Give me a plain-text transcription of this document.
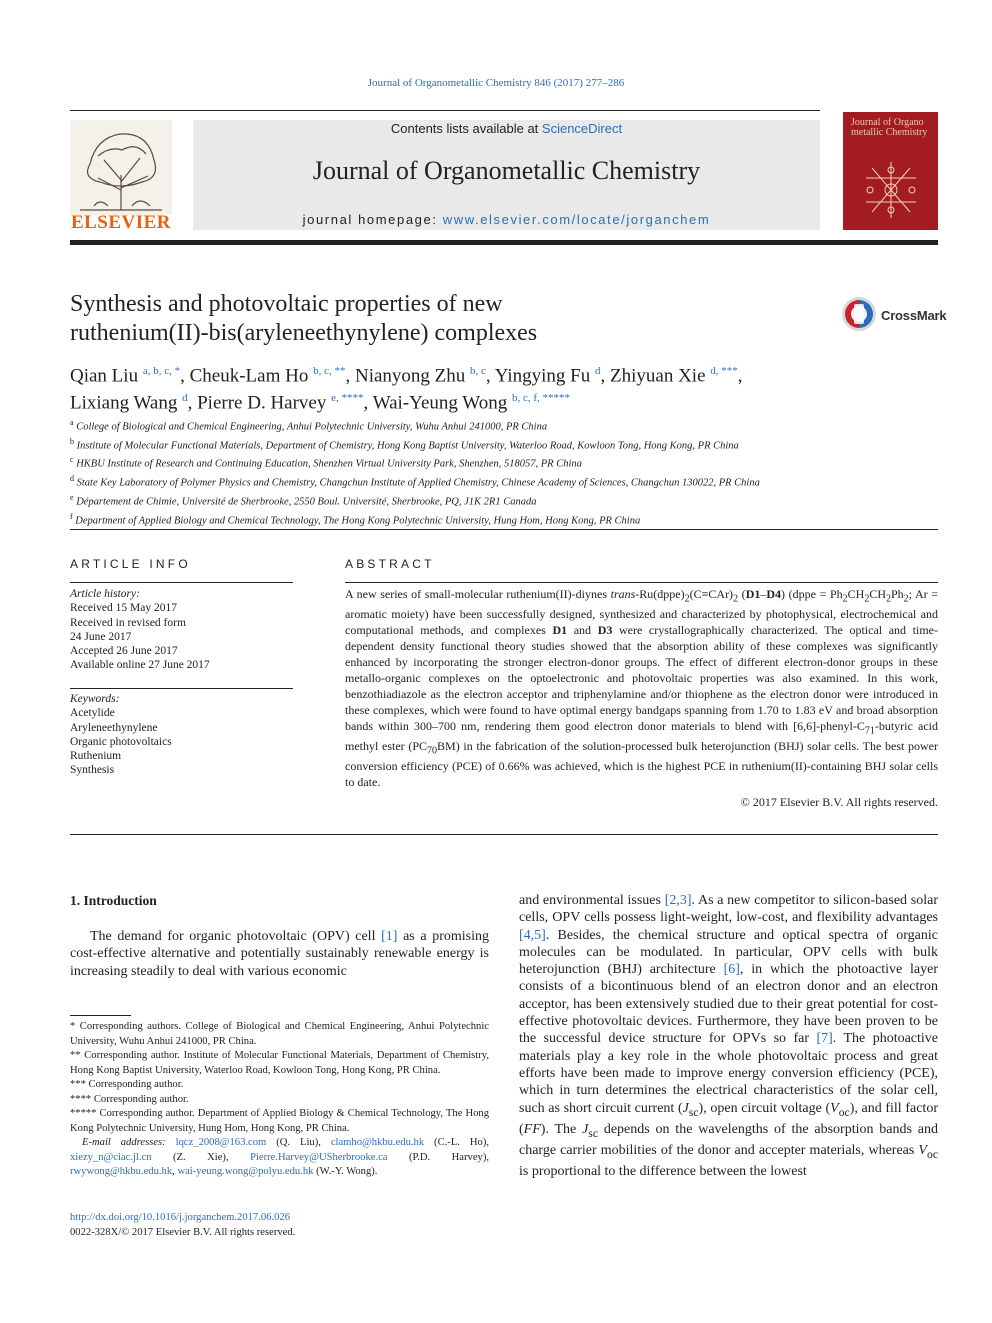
Journal of Organometallic Chemistry 846 (2017) 277–286
ELSEVIER
Contents lists available at ScienceDirect
Journal of Organometallic Chemistry
journal homepage: www.elsevier.com/locate/jorganchem
Journal of Organo metallic Chemistry
Synthesis and photovoltaic properties of new
ruthenium(II)-bis(aryleneethynylene) complexes
CrossMark
Qian Liu $^{a, b, c, *}$, Cheuk-Lam Ho $^{b, c, **}$, Nianyong Zhu $^{b, c}$, Yingying Fu $^d$, Zhiyuan Xie $^{d, ***}$,
Lixiang Wang $^d$, Pierre D. Harvey $^{e, ****}$, Wai-Yeung Wong $^{b, c, f, *****}$
$^a$ College of Biological and Chemical Engineering, Anhui Polytechnic University, Wuhu Anhui 241000, PR China
$^b$ Institute of Molecular Functional Materials, Department of Chemistry, Hong Kong Baptist University, Waterloo Road, Kowloon Tong, Hong Kong, PR China
$^c$ HKBU Institute of Research and Continuing Education, Shenzhen Virtual University Park, Shenzhen, 518057, PR China
$^d$ State Key Laboratory of Polymer Physics and Chemistry, Changchun Institute of Applied Chemistry, Chinese Academy of Sciences, Changchun 130022, PR China
$^e$ Département de Chimie, Université de Sherbrooke, 2550 Boul. Université, Sherbrooke, PQ, J1K 2R1 Canada
$^f$ Department of Applied Biology and Chemical Technology, The Hong Kong Polytechnic University, Hung Hom, Hong Kong, PR China
ARTICLE INFO
Article history:
Received 15 May 2017
Received in revised form
24 June 2017
Accepted 26 June 2017
Available online 27 June 2017
Keywords:
Acetylide
Aryleneethynylene
Organic photovoltaics
Ruthenium
Synthesis
ABSTRACT
A new series of small-molecular ruthenium(II)-diynes trans-$Ru(dppe)_2(C\equiv CAr)_2$ (D1–D4) (dppe = $Ph_2CH_2CH_2Ph_2$; Ar = aromatic moiety) have been successfully designed, synthesized and characterized by photophysical, electrochemical and computational methods, and complexes D1 and D3 were crystallographically characterized. The optical and time-dependent density functional theory studies showed that the absorption ability of these complexes was significantly enhanced by incorporating the stronger electron-donor groups. The effect of different electron-donor groups in these metallo-organic complexes on the optoelectronic and photovoltaic properties was also examined. In this work, benzothiadiazole as the electron acceptor and triphenylamine and/or thiophene as the electron donor were introduced in these complexes, which were found to have optimal energy bandgaps spanning from 1.70 to 1.83 eV and broad absorption bands within 300–700 nm, rendering them good electron donor materials to blend with $[6,6]-phenyl-C_{71}$-butyric acid methyl ester $(PC_{70}BM)$ in the fabrication of the solution-processed bulk heterojunction (BHJ) solar cells. The best power conversion efficiency (PCE) of 0.66% was achieved, which is the highest PCE in ruthenium(II)-containing BHJ solar cells to date.
© 2017 Elsevier B.V. All rights reserved.
1. Introduction
The demand for organic photovoltaic (OPV) cell [1] as a promising cost-effective alternative and potentially sustainably renewable energy is increasing steadily to deal with various economic
and environmental issues [2,3]. As a new competitor to silicon-based solar cells, OPV cells possess light-weight, low-cost, and flexibility advantages [4,5]. Besides, the chemical structure and optical spectra of organic molecules can be modulated. In particular, OPV cells with bulk heterojunction (BHJ) architecture [6], in which the photoactive layer consists of a bicontinuous blend of an electron donor and an electron acceptor, has been extensively studied due to their great potential for cost-effective photovoltaic devices. Furthermore, they have been proven to be the successful device structure for OPVs so far [7]. The photoactive materials play a key role in the whole photovoltaic process and great efforts have been made to improve energy conversion efficiency (PCE), which in turn determines the electrical characteristics of the solar cell, such as short circuit current $(J_{sc})$, open circuit voltage $(V_{oc})$, and fill factor (FF). The $J_{sc}$ depends on the wavelengths of the absorption bands and charge carrier mobilities of the donor and accepter materials, whereas $V_{oc}$ is proportional to the difference between the lowest
* Corresponding authors. College of Biological and Chemical Engineering, Anhui Polytechnic University, Wuhu Anhui 241000, PR China.
** Corresponding author. Institute of Molecular Functional Materials, Department of Chemistry, Hong Kong Baptist University, Waterloo Road, Kowloon Tong, Hong Kong, PR China.
*** Corresponding author.
**** Corresponding author.
***** Corresponding author. Department of Applied Biology & Chemical Technology, The Hong Kong Polytechnic University, Hung Hom, Hong Kong, PR China.
E-mail addresses: lqcz_2008@163.com (Q. Liu), clamho@hkbu.edu.hk (C.-L. Ho), xiezy_n@ciac.jl.cn (Z. Xie), Pierre.Harvey@USherbrooke.ca (P.D. Harvey), rwywong@hkbu.edu.hk, wai-yeung.wong@polyu.edu.hk (W.-Y. Wong).
http://dx.doi.org/10.1016/j.jorganchem.2017.06.026
0022-328X/© 2017 Elsevier B.V. All rights reserved.
